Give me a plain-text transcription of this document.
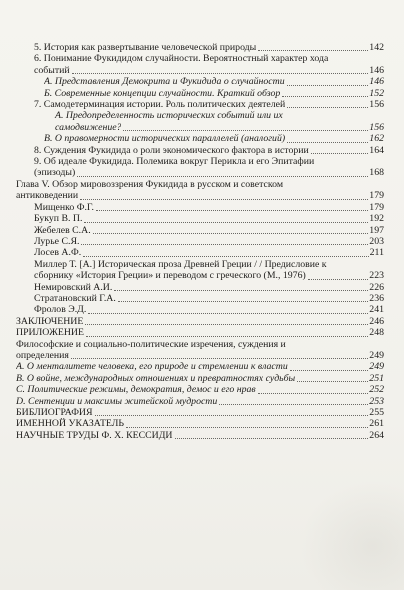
5. История как развертывание человеческой природы	142
6. Понимание Фукидидом случайности. Вероятностный характер хода
событий	146
А. Представления Демокрита и Фукидида о случайности	146
Б. Современные концепции случайности. Краткий обзор	152
7. Самодетерминация истории. Роль политических деятелей	156
А. Предопределенность исторических событий или их
самодвижение?	156
В. О правомерности исторических параллелей (аналогий)	162
8. Суждения Фукидида о роли экономического фактора в истории	164
9. Об идеале Фукидида. Полемика вокруг Перикла и его Эпитафии
(эпизоды)	168
Глава V. Обзор мировоззрения Фукидида в русском и советском
антиковедении	179
Мищенко Ф.Г.	179
Букуп В. П.	192
Жебелев С.А.	197
Лурье С.Я.	203
Лосев А.Ф.	211
Миллер Т. [А.] Историческая проза Древней Греции / / Предисловие к
сборнику «История Греции» и переводом с греческого (М., 1976)	223
Немировский А.И.	226
Стратановский Г.А.	236
Фролов Э.Д.	241
ЗАКЛЮЧЕНИЕ	246
ПРИЛОЖЕНИЕ	248
Философские и социально-политические изречения, суждения и
определения	249
А. О менталитете человека, его природе и стремлении к власти	249
В. О войне, международных отношениях и превратностях судьбы	251
С. Политические режимы, демократия, демос и его нрав	252
D. Сентенции и максимы житейской мудрости	253
БИБЛИОГРАФИЯ	255
ИМЕННОЙ УКАЗАТЕЛЬ	261
НАУЧНЫЕ ТРУДЫ Ф. Х. КЕССИДИ	264
